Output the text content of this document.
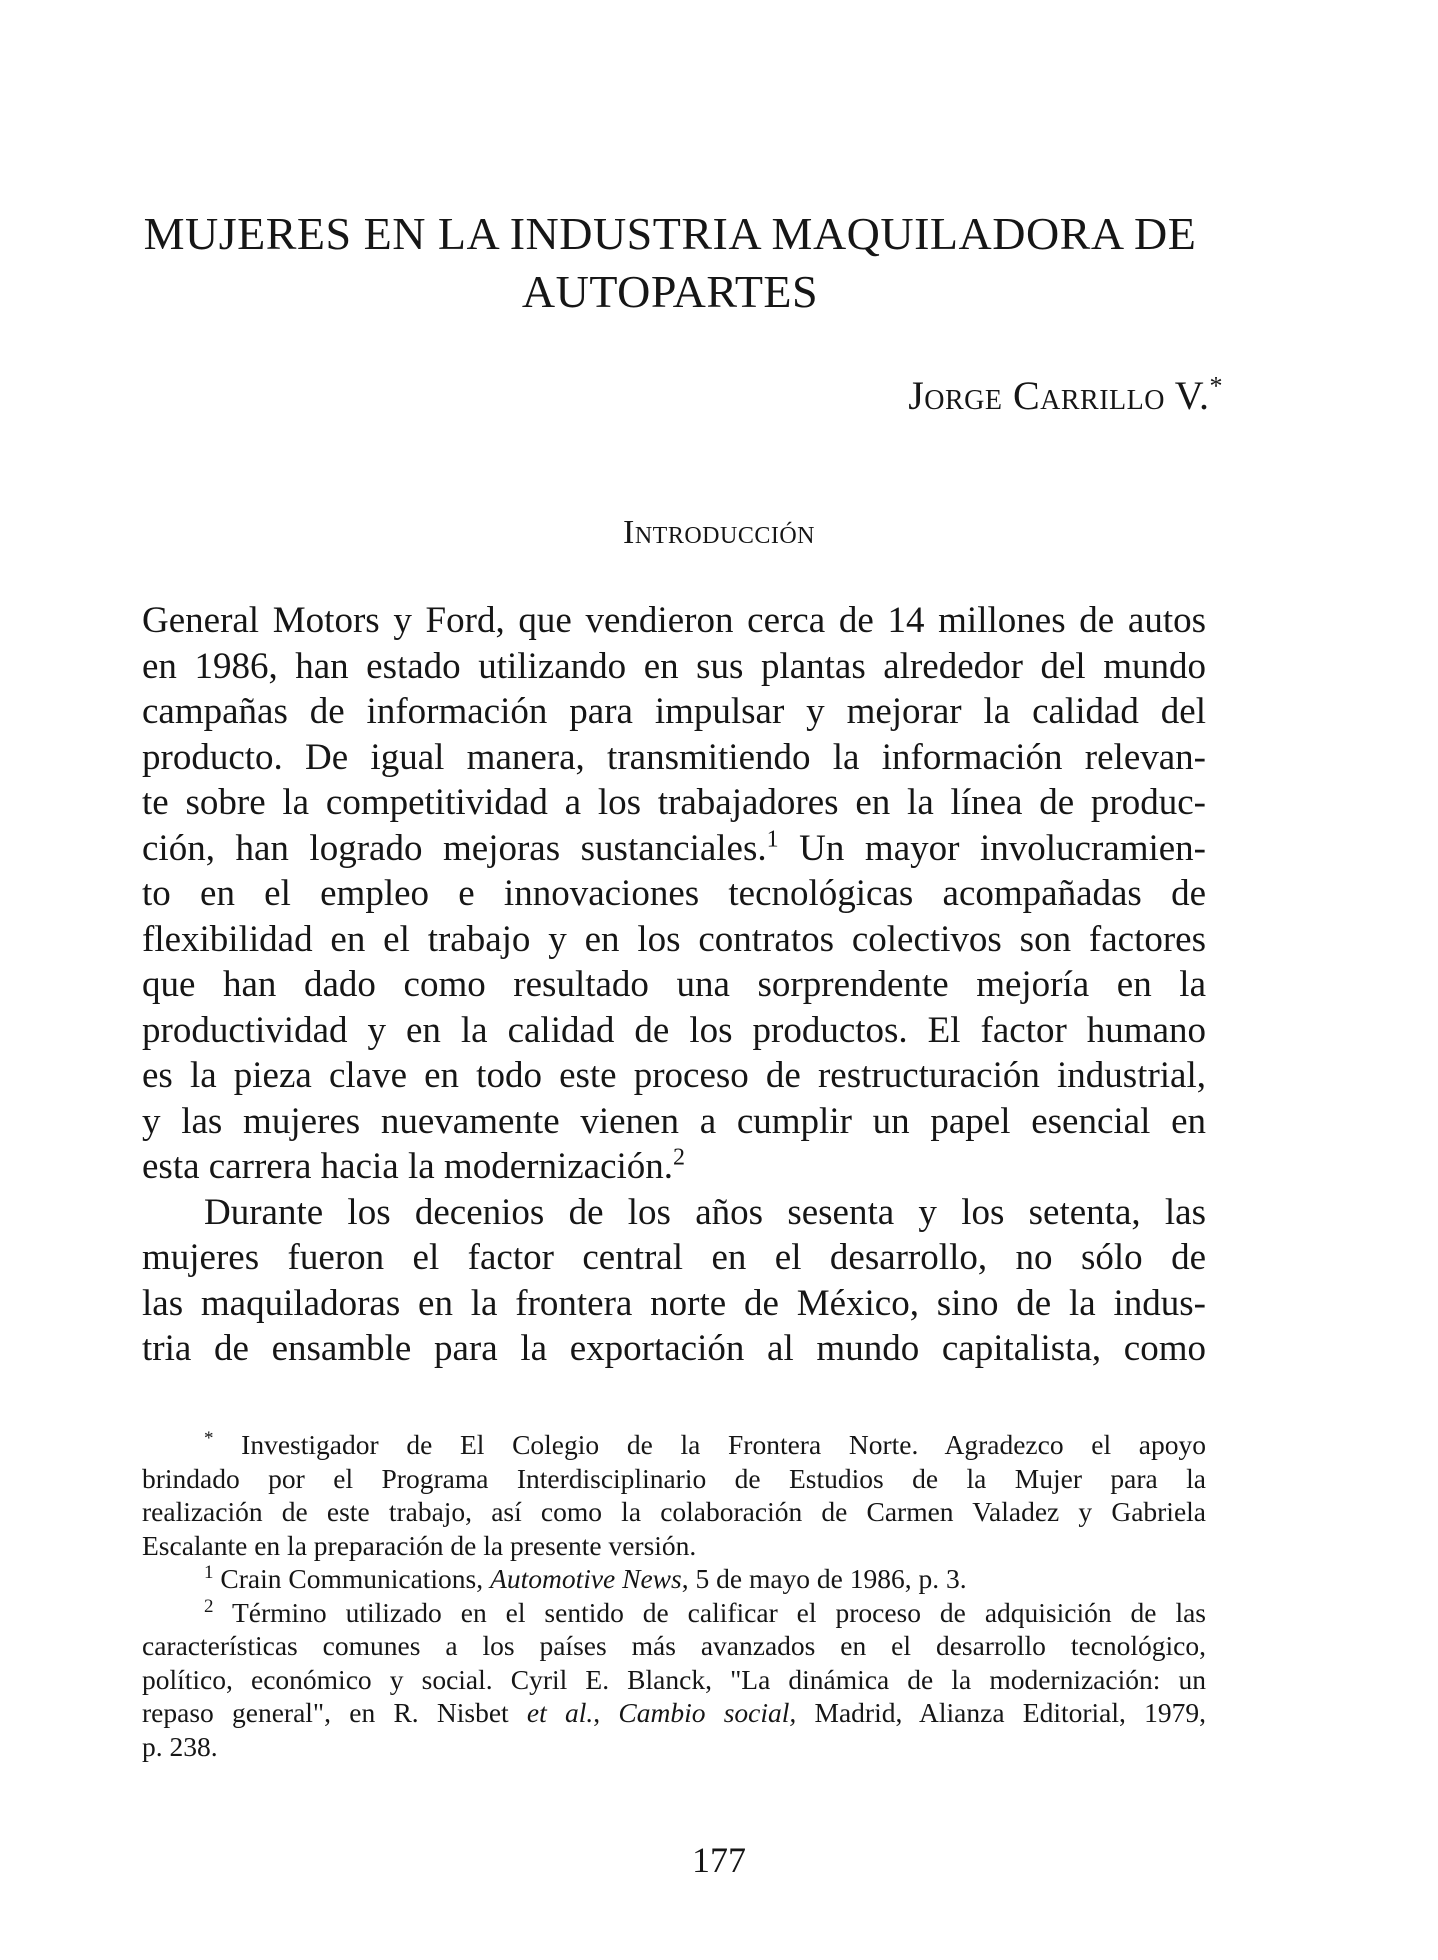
MUJERES EN LA INDUSTRIA MAQUILADORA DE
AUTOPARTES
Jorge Carrillo V.*
Introducción

General Motors y Ford, que vendieron cerca de 14 millones de autos
en 1986, han estado utilizando en sus plantas alrededor del mundo
campañas de información para impulsar y mejorar la calidad del
producto. De igual manera, transmitiendo la información relevan-
te sobre la competitividad a los trabajadores en la línea de produc-
ción, han logrado mejoras sustanciales.$^1$ Un mayor involucramien-
to en el empleo e innovaciones tecnológicas acompañadas de
flexibilidad en el trabajo y en los contratos colectivos son factores
que han dado como resultado una sorprendente mejoría en la
productividad y en la calidad de los productos. El factor humano
es la pieza clave en todo este proceso de restructuración industrial,
y las mujeres nuevamente vienen a cumplir un papel esencial en
esta carrera hacia la modernización.$^2$

Durante los decenios de los años sesenta y los setenta, las
mujeres fueron el factor central en el desarrollo, no sólo de
las maquiladoras en la frontera norte de México, sino de la indus-
tria de ensamble para la exportación al mundo capitalista, como

* Investigador de El Colegio de la Frontera Norte. Agradezco el apoyo
brindado por el Programa Interdisciplinario de Estudios de la Mujer para la
realización de este trabajo, así como la colaboración de Carmen Valadez y Gabriela
Escalante en la preparación de la presente versión.

$^1$ Crain Communications, Automotive News, 5 de mayo de 1986, p. 3.

$^2$ Término utilizado en el sentido de calificar el proceso de adquisición de las
características comunes a los países más avanzados en el desarrollo tecnológico,
político, económico y social. Cyril E. Blanck, "La dinámica de la modernización: un
repaso general", en R. Nisbet et al., Cambio social, Madrid, Alianza Editorial, 1979,
p. 238.

177
